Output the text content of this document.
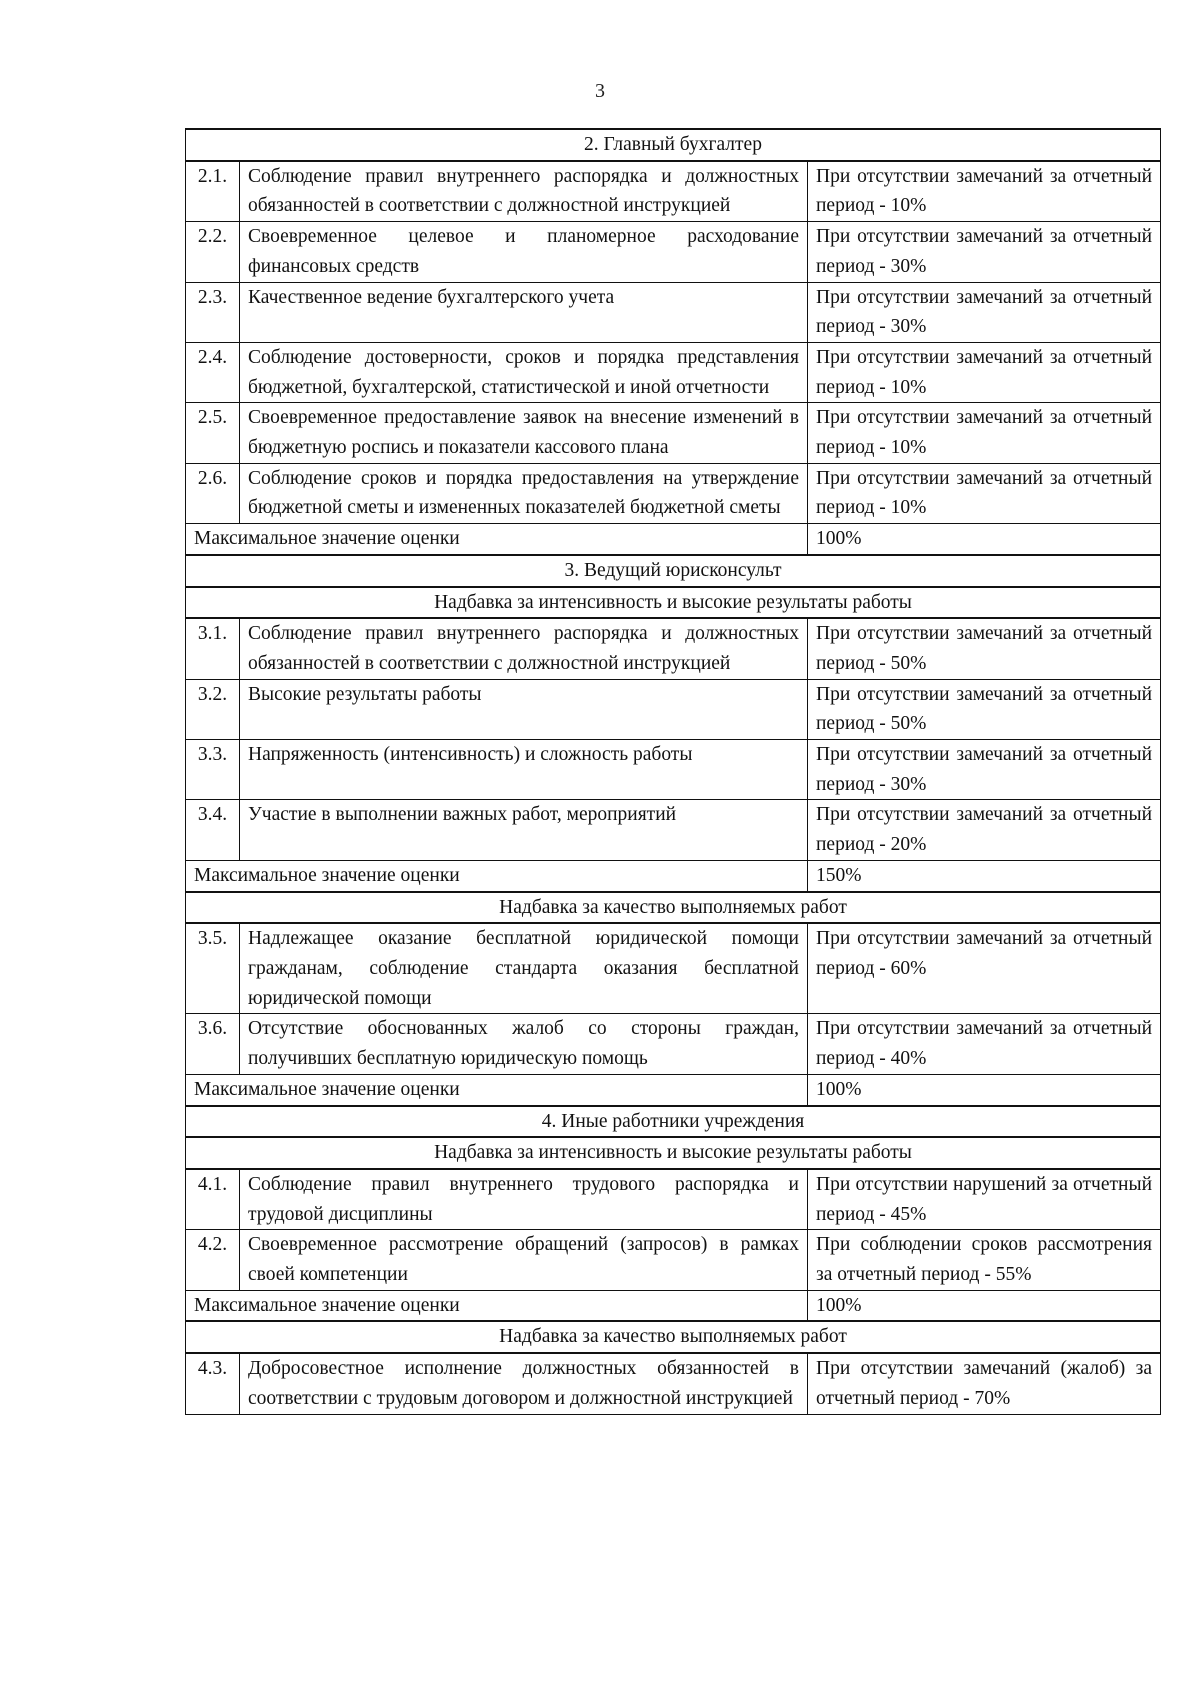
3
2. Главный бухгалтер		
2.1.	Соблюдение правил внутреннего распорядка и должностных обязанностей в соответствии с должностной инструкцией	При отсутствии замечаний за отчетный период - 10%
2.2.	Своевременное целевое и планомерное расходование финансовых средств	При отсутствии замечаний за отчетный период - 30%
2.3.	Качественное ведение бухгалтерского учета	При отсутствии замечаний за отчетный период - 30%
2.4.	Соблюдение достоверности, сроков и порядка представления бюджетной, бухгалтерской, статистической и иной отчетности	При отсутствии замечаний за отчетный период - 10%
2.5.	Своевременное предоставление заявок на внесение изменений в бюджетную роспись и показатели кассового плана	При отсутствии замечаний за отчетный период - 10%
2.6.	Соблюдение сроков и порядка предоставления на утверждение бюджетной сметы и измененных показателей бюджетной сметы	При отсутствии замечаний за отчетный период - 10%
Максимальное значение оценки		100%
3. Ведущий юрисконсульт		
Надбавка за интенсивность и высокие результаты работы		
3.1.	Соблюдение правил внутреннего распорядка и должностных обязанностей в соответствии с должностной инструкцией	При отсутствии замечаний за отчетный период - 50%
3.2.	Высокие результаты работы	При отсутствии замечаний за отчетный период - 50%
3.3.	Напряженность (интенсивность) и сложность работы	При отсутствии замечаний за отчетный период - 30%
3.4.	Участие в выполнении важных работ, мероприятий	При отсутствии замечаний за отчетный период - 20%
Максимальное значение оценки		150%
Надбавка за качество выполняемых работ		
3.5.	Надлежащее оказание бесплатной юридической помощи гражданам, соблюдение стандарта оказания бесплатной юридической помощи	При отсутствии замечаний за отчетный период - 60%
3.6.	Отсутствие обоснованных жалоб со стороны граждан, получивших бесплатную юридическую помощь	При отсутствии замечаний за отчетный период - 40%
Максимальное значение оценки		100%
4. Иные работники учреждения		
Надбавка за интенсивность и высокие результаты работы		
4.1.	Соблюдение правил внутреннего трудового распорядка и трудовой дисциплины	При отсутствии нарушений за отчетный период - 45%
4.2.	Своевременное рассмотрение обращений (запросов) в рамках своей компетенции	При соблюдении сроков рассмотрения за отчетный период - 55%
Максимальное значение оценки		100%
Надбавка за качество выполняемых работ		
4.3.	Добросовестное исполнение должностных обязанностей в соответствии с трудовым договором и должностной инструкцией	При отсутствии замечаний (жалоб) за отчетный период - 70%
